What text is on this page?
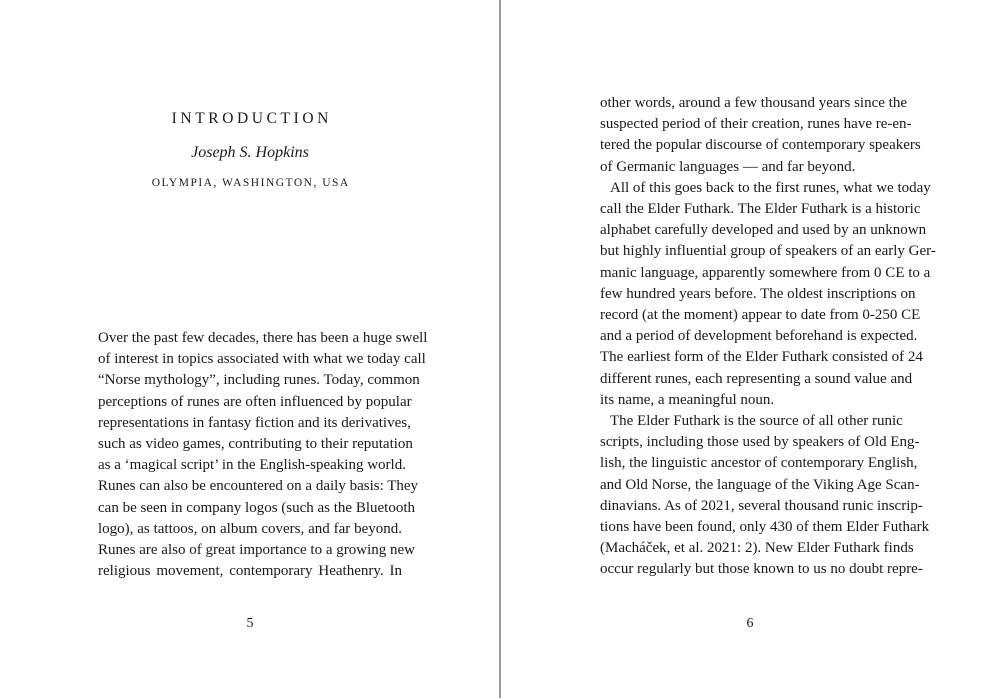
INTRODUCTION
Joseph S. Hopkins
OLYMPIA, WASHINGTON, USA
Over the past few decades, there has been a huge swell
of interest in topics associated with what we today call
“Norse mythology”, including runes. Today, common
perceptions of runes are often influenced by popular
representations in fantasy fiction and its derivatives,
such as video games, contributing to their reputation
as a ‘magical script’ in the English-speaking world.
Runes can also be encountered on a daily basis: They
can be seen in company logos (such as the Bluetooth
logo), as tattoos, on album covers, and far beyond.
Runes are also of great importance to a growing new
religious movement, contemporary Heathenry. In
5
other words, around a few thousand years since the
suspected period of their creation, runes have re-en-
tered the popular discourse of contemporary speakers
of Germanic languages — and far beyond.
All of this goes back to the first runes, what we today
call the Elder Futhark. The Elder Futhark is a historic
alphabet carefully developed and used by an unknown
but highly influential group of speakers of an early Ger-
manic language, apparently somewhere from 0 CE to a
few hundred years before. The oldest inscriptions on
record (at the moment) appear to date from 0-250 CE
and a period of development beforehand is expected.
The earliest form of the Elder Futhark consisted of 24
different runes, each representing a sound value and
its name, a meaningful noun.
The Elder Futhark is the source of all other runic
scripts, including those used by speakers of Old Eng-
lish, the linguistic ancestor of contemporary English,
and Old Norse, the language of the Viking Age Scan-
dinavians. As of 2021, several thousand runic inscrip-
tions have been found, only 430 of them Elder Futhark
(Macháček, et al. 2021: 2). New Elder Futhark finds
occur regularly but those known to us no doubt repre-
6
